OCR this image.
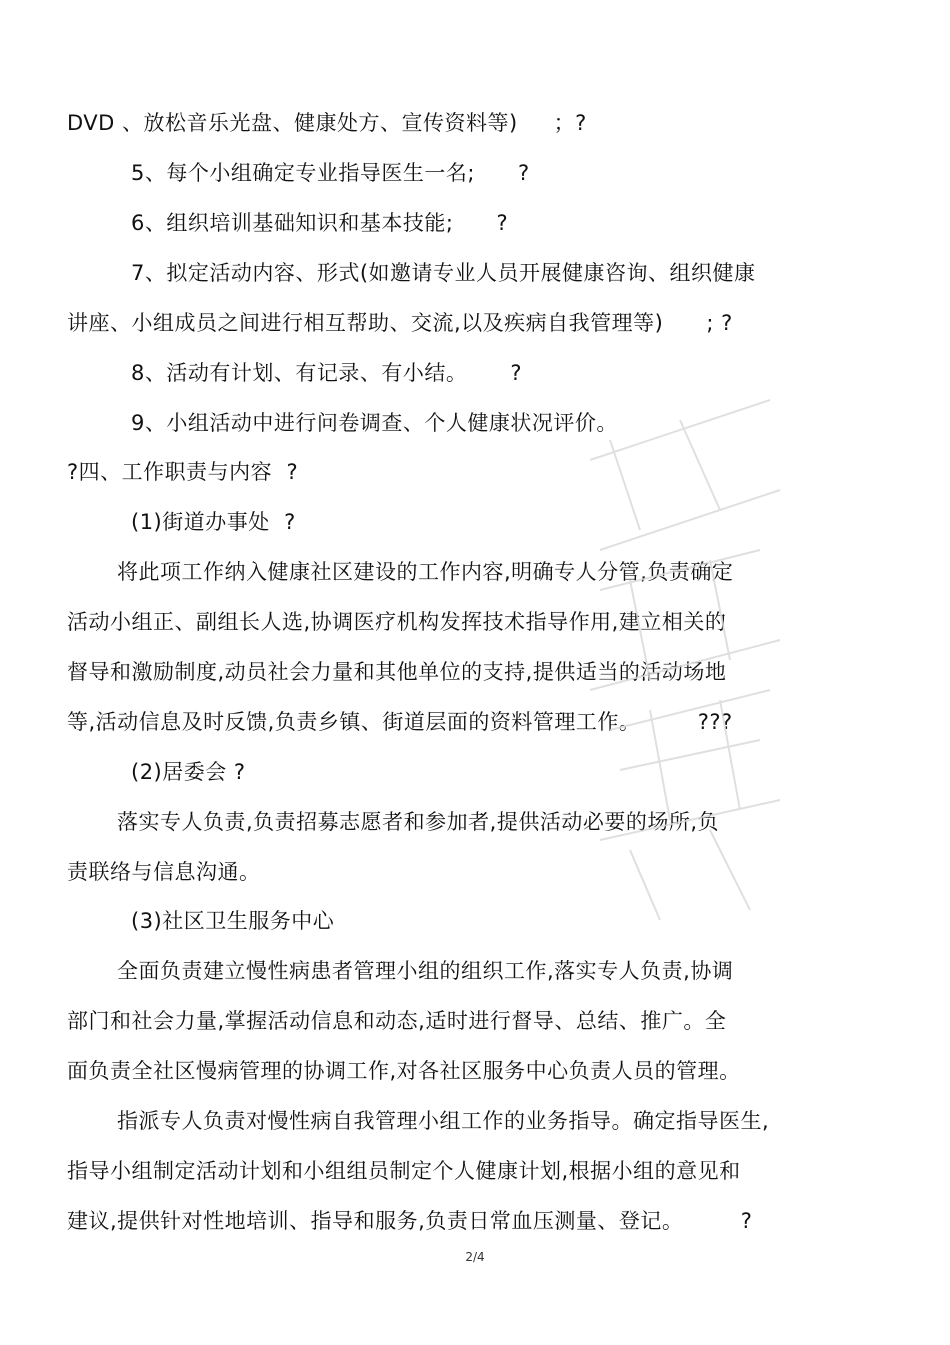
DVD 、放松音乐光盘、健康处方、宣传资料等)     ；?
5、每个小组确定专业指导医生一名;      ?
6、组织培训基础知识和基本技能;      ?
7、拟定活动内容、形式(如邀请专业人员开展健康咨询、组织健康
讲座、小组成员之间进行相互帮助、交流,以及疾病自我管理等)      ; ?
8、活动有计划、有记录、有小结。      ?
9、小组活动中进行问卷调查、个人健康状况评价。
?四、工作职责与内容  ?
(1)街道办事处  ?
将此项工作纳入健康社区建设的工作内容,明确专人分管,负责确定
活动小组正、副组长人选,协调医疗机构发挥技术指导作用,建立相关的
督导和激励制度,动员社会力量和其他单位的支持,提供适当的活动场地
等,活动信息及时反馈,负责乡镇、街道层面的资料管理工作。        ???
(2)居委会 ?
落实专人负责,负责招募志愿者和参加者,提供活动必要的场所,负
责联络与信息沟通。
(3)社区卫生服务中心
全面负责建立慢性病患者管理小组的组织工作,落实专人负责,协调
部门和社会力量,掌握活动信息和动态,适时进行督导、总结、推广。全
面负责全社区慢病管理的协调工作,对各社区服务中心负责人员的管理。
指派专人负责对慢性病自我管理小组工作的业务指导。确定指导医生,
指导小组制定活动计划和小组组员制定个人健康计划,根据小组的意见和
建议,提供针对性地培训、指导和服务,负责日常血压测量、登记。        ?
2/4
